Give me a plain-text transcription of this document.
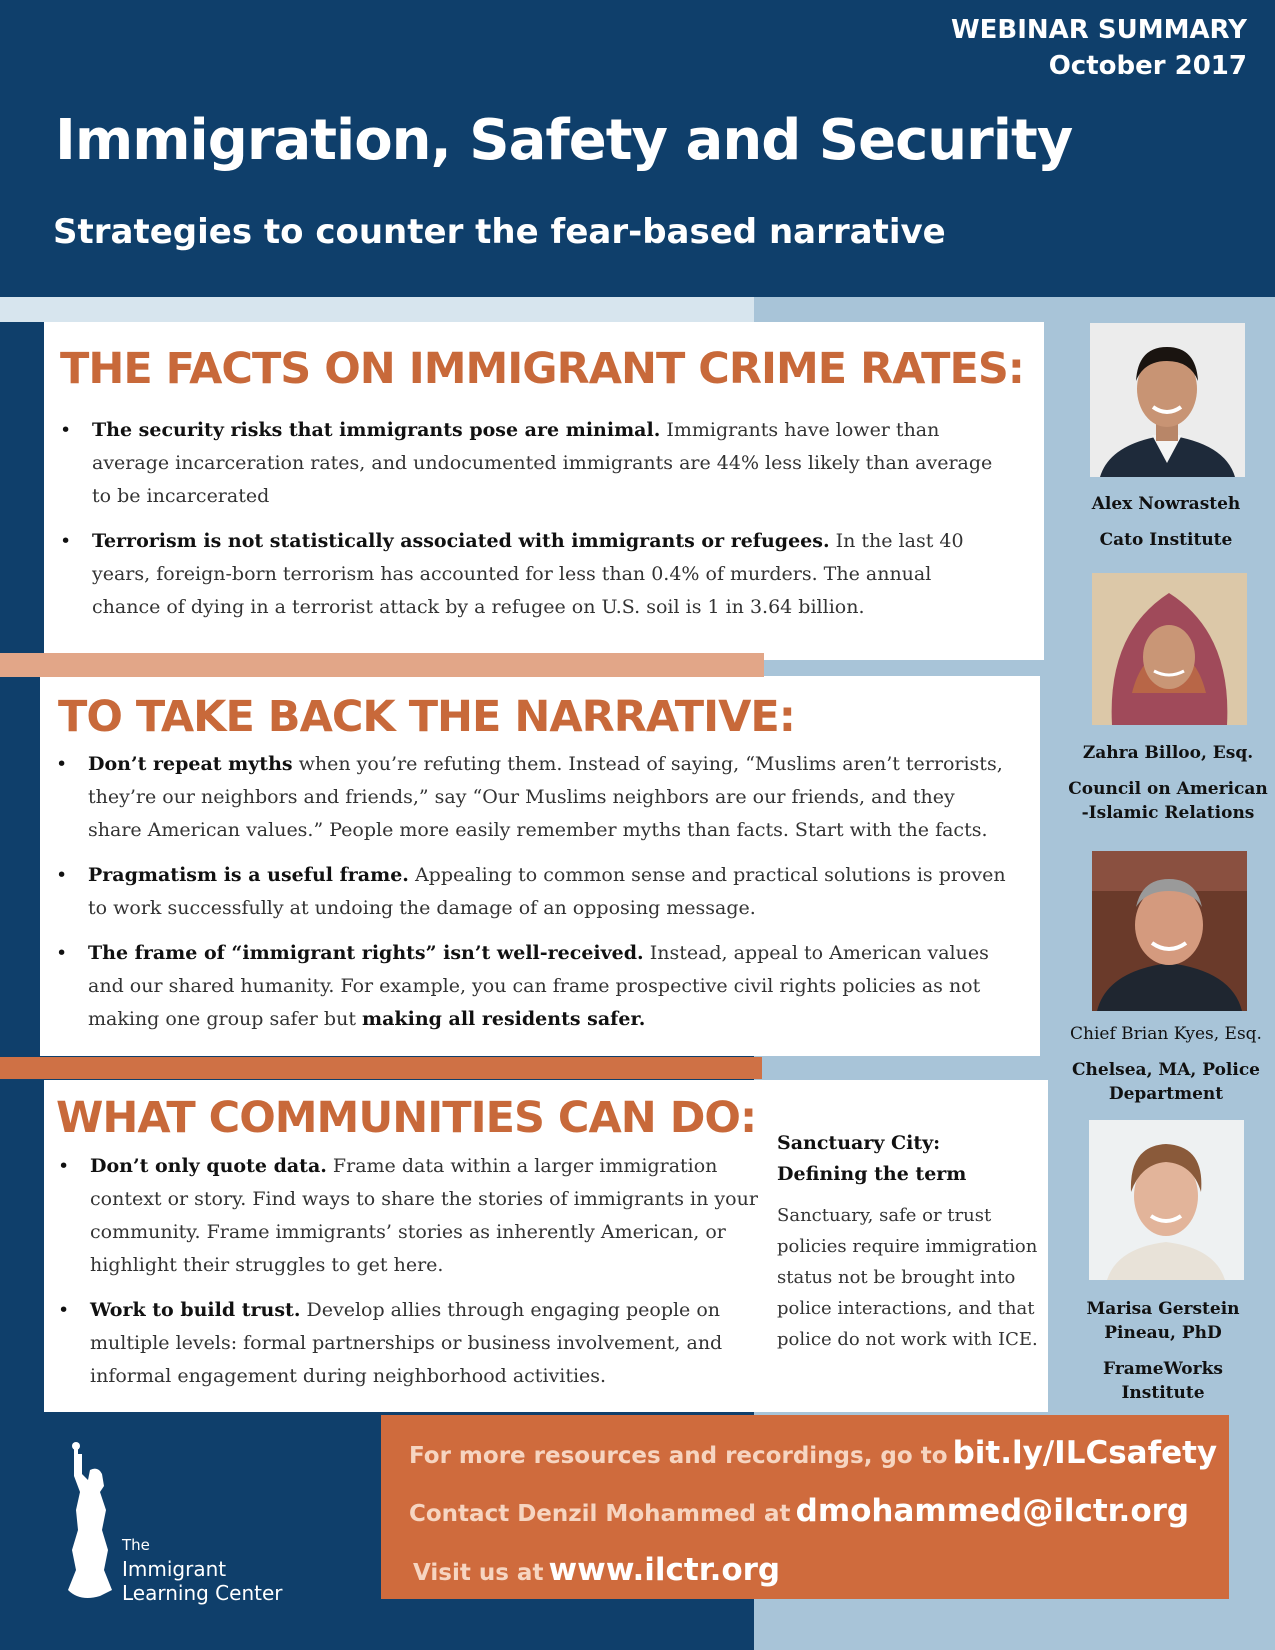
WEBINAR SUMMARY
October 2017
Immigration, Safety and Security
Strategies to counter the fear-based narrative
THE FACTS ON IMMIGRANT CRIME RATES:
• The security risks that immigrants pose are minimal. Immigrants have lower than average incarceration rates, and undocumented immigrants are 44% less likely than average to be incarcerated
• Terrorism is not statistically associated with immigrants or refugees. In the last 40 years, foreign-born terrorism has accounted for less than 0.4% of murders. The annual chance of dying in a terrorist attack by a refugee on U.S. soil is 1 in 3.64 billion.
TO TAKE BACK THE NARRATIVE:
• Don’t repeat myths when you’re refuting them. Instead of saying, “Muslims aren’t terrorists, they’re our neighbors and friends,” say “Our Muslims neighbors are our friends, and they share American values.” People more easily remember myths than facts. Start with the facts.
• Pragmatism is a useful frame. Appealing to common sense and practical solutions is proven to work successfully at undoing the damage of an opposing message.
• The frame of “immigrant rights” isn’t well-received. Instead, appeal to American values and our shared humanity. For example, you can frame prospective civil rights policies as not making one group safer but making all residents safer.
WHAT COMMUNITIES CAN DO:
• Don’t only quote data. Frame data within a larger immigration context or story. Find ways to share the stories of immigrants in your community. Frame immigrants’ stories as inherently American, or highlight their struggles to get here.
• Work to build trust. Develop allies through engaging people on multiple levels: formal partnerships or business involvement, and informal engagement during neighborhood activities.
Sanctuary City:
Defining the term
Sanctuary, safe or trust policies require immigration status not be brought into police interactions, and that police do not work with ICE.
Alex Nowrasteh
Cato Institute
Zahra Billoo, Esq.
Council on American
-Islamic Relations
Chief Brian Kyes, Esq.
Chelsea, MA, Police
Department
Marisa Gerstein
Pineau, PhD
FrameWorks
Institute
For more resources and recordings, go to bit.ly/ILCsafety
Contact Denzil Mohammed at dmohammed@ilctr.org
Visit us at www.ilctr.org
The
Immigrant
Learning Center
